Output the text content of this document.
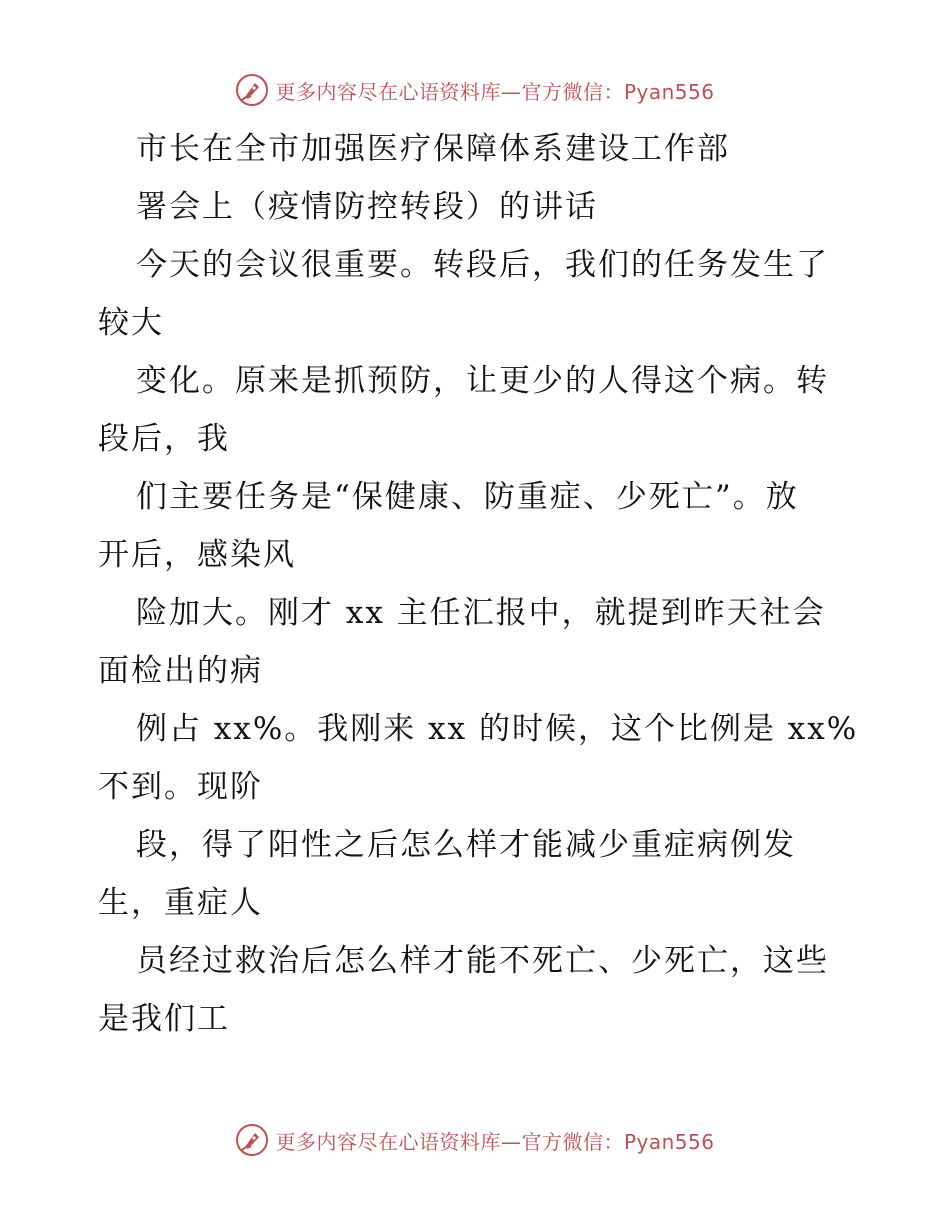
更多内容尽在心语资料库—官方微信：Pyan556
市长在全市加强医疗保障体系建设工作部
署会上（疫情防控转段）的讲话
今天的会议很重要。转段后，我们的任务发生了
较大
变化。原来是抓预防，让更少的人得这个病。转
段后，我
们主要任务是“保健康、防重症、少死亡”。放
开后，感染风
险加大。刚才 xx 主任汇报中，就提到昨天社会
面检出的病
例占 xx%。我刚来 xx 的时候，这个比例是 xx%
不到。现阶
段，得了阳性之后怎么样才能减少重症病例发
生，重症人
员经过救治后怎么样才能不死亡、少死亡，这些
是我们工
更多内容尽在心语资料库—官方微信：Pyan556
